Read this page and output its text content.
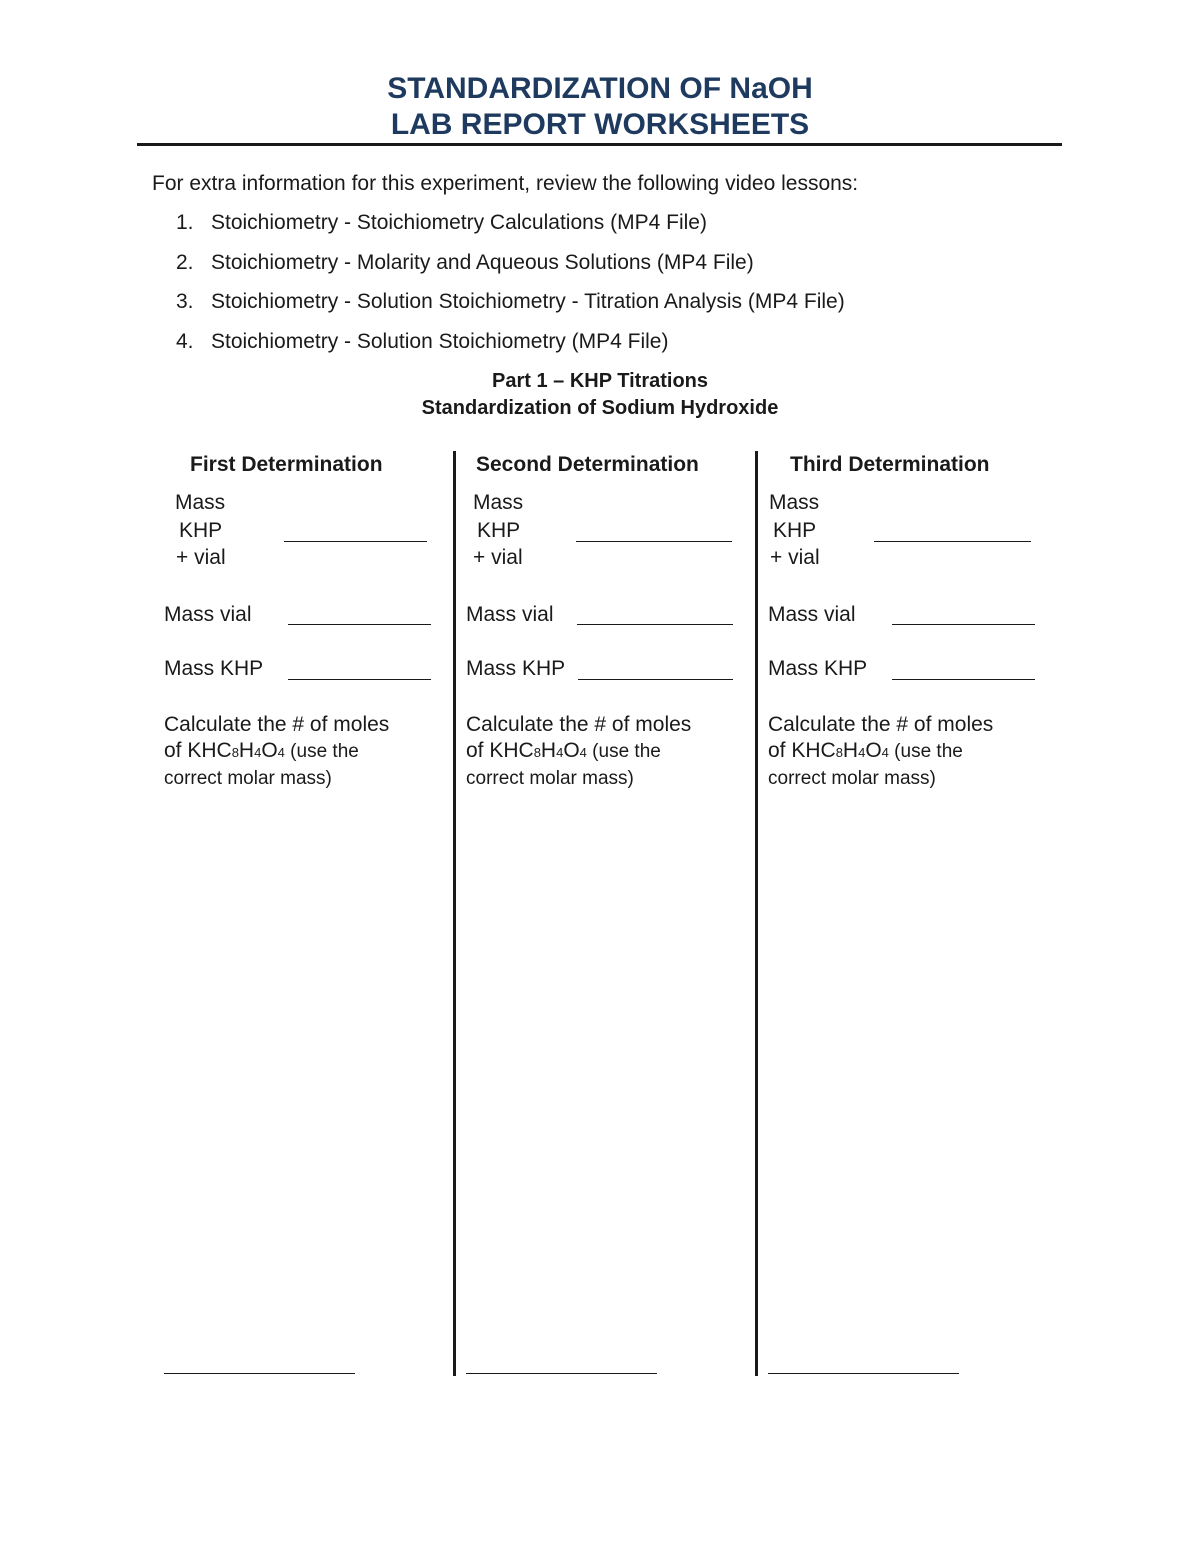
STANDARDIZATION OF NaOH
LAB REPORT WORKSHEETS
For extra information for this experiment, review the following video lessons:
1. Stoichiometry - Stoichiometry Calculations (MP4 File)
2. Stoichiometry - Molarity and Aqueous Solutions (MP4 File)
3. Stoichiometry - Solution Stoichiometry - Titration Analysis (MP4 File)
4. Stoichiometry - Solution Stoichiometry (MP4 File)
Part 1 – KHP Titrations
Standardization of Sodium Hydroxide
First Determination
Mass
KHP
+ vial
Mass vial
Mass KHP
Calculate the # of moles
of KHC8H4O4 (use the
correct molar mass)
Second Determination
Mass
KHP
+ vial
Mass vial
Mass KHP
Calculate the # of moles
of KHC8H4O4 (use the
correct molar mass)
Third Determination
Mass
KHP
+ vial
Mass vial
Mass KHP
Calculate the # of moles
of KHC8H4O4 (use the
correct molar mass)
